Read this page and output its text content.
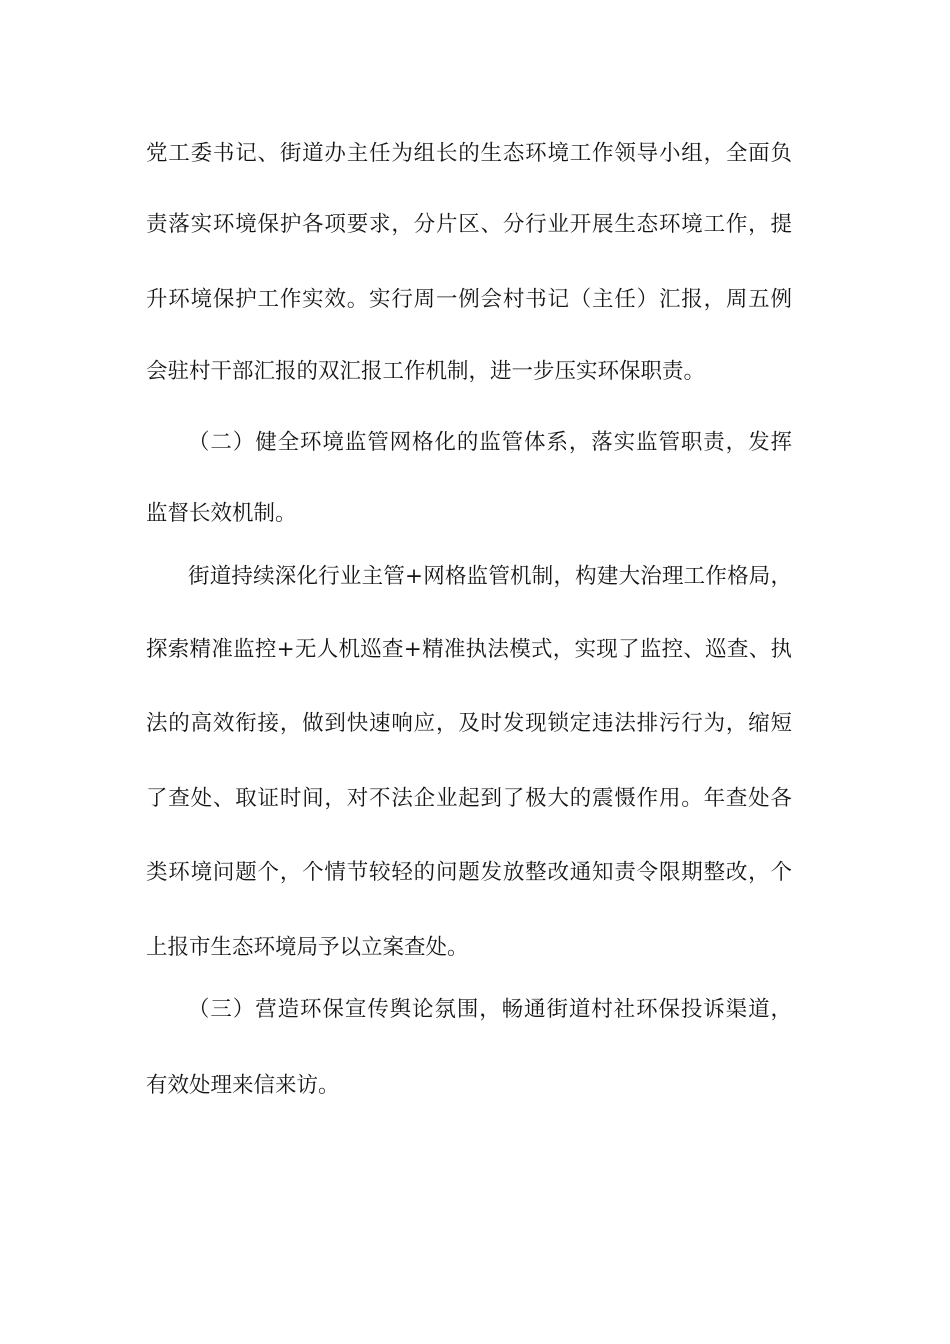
党工委书记、街道办主任为组长的生态环境工作领导小组，全面负
责落实环境保护各项要求，分片区、分行业开展生态环境工作，提
升环境保护工作实效。实行周一例会村书记（主任）汇报，周五例
会驻村干部汇报的双汇报工作机制，进一步压实环保职责。
（二）健全环境监管网格化的监管体系，落实监管职责，发挥
监督长效机制。
街道持续深化行业主管+网格监管机制，构建大治理工作格局，
探索精准监控+无人机巡查+精准执法模式，实现了监控、巡查、执
法的高效衔接，做到快速响应，及时发现锁定违法排污行为，缩短
了查处、取证时间，对不法企业起到了极大的震慑作用。年查处各
类环境问题个，个情节较轻的问题发放整改通知责令限期整改，个
上报市生态环境局予以立案查处。
（三）营造环保宣传舆论氛围，畅通街道村社环保投诉渠道，
有效处理来信来访。
